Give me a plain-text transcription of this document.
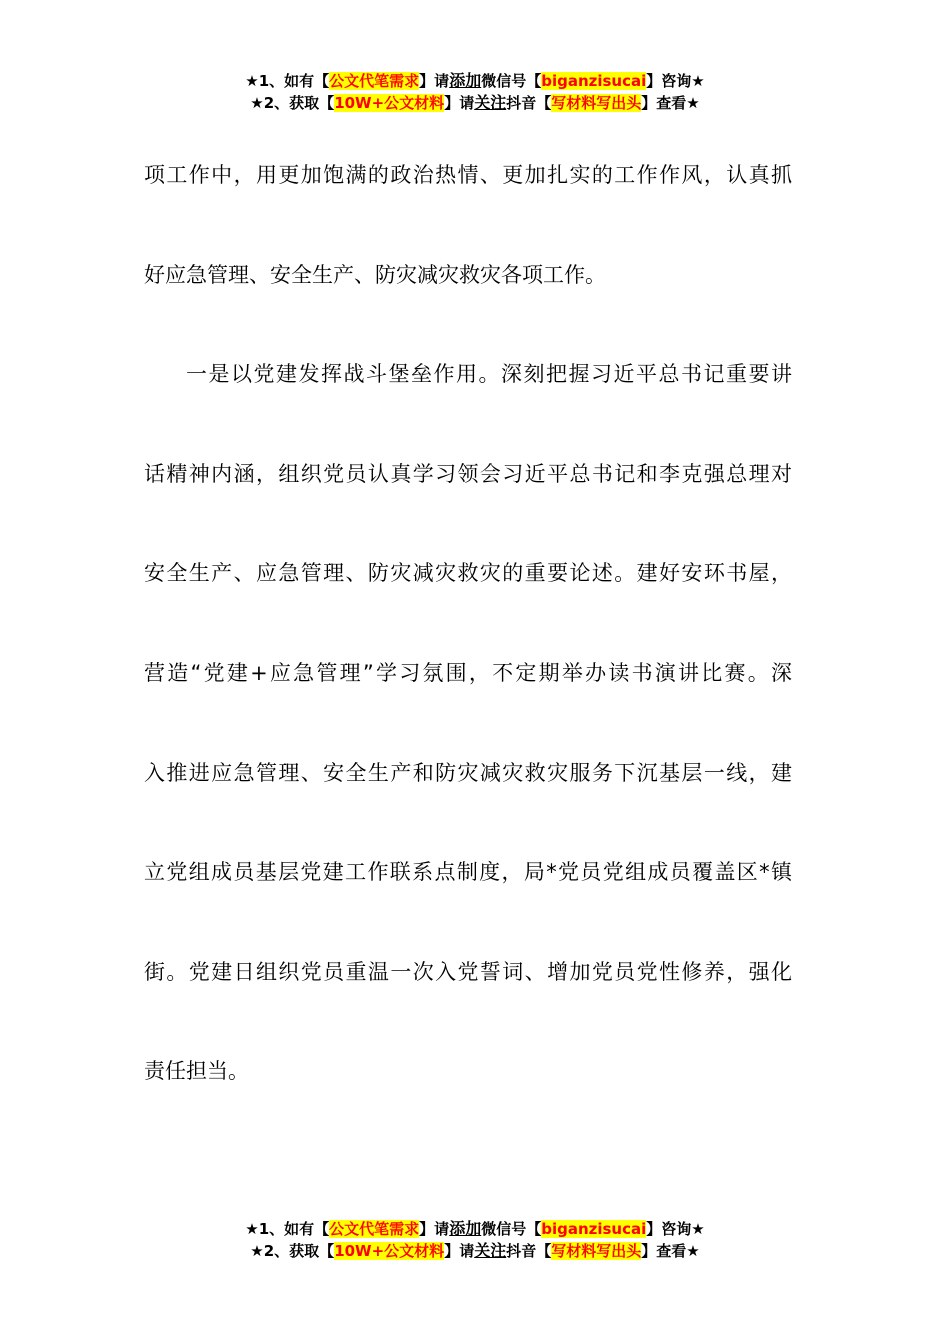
★1、如有【公文代笔需求】请添加微信号【biganzisucai】咨询★
★2、获取【10W+公文材料】请关注抖音【写材料写出头】查看★

项工作中，用更加饱满的政治热情、更加扎实的工作作风，认真抓
好应急管理、安全生产、防灾减灾救灾各项工作。

一是以党建发挥战斗堡垒作用。深刻把握习近平总书记重要讲
话精神内涵，组织党员认真学习领会习近平总书记和李克强总理对
安全生产、应急管理、防灾减灾救灾的重要论述。建好安环书屋，
营造“党建+应急管理”学习氛围，不定期举办读书演讲比赛。深
入推进应急管理、安全生产和防灾减灾救灾服务下沉基层一线，建
立党组成员基层党建工作联系点制度，局*党员党组成员覆盖区*镇
街。党建日组织党员重温一次入党誓词、增加党员党性修养，强化
责任担当。

★1、如有【公文代笔需求】请添加微信号【biganzisucai】咨询★
★2、获取【10W+公文材料】请关注抖音【写材料写出头】查看★
